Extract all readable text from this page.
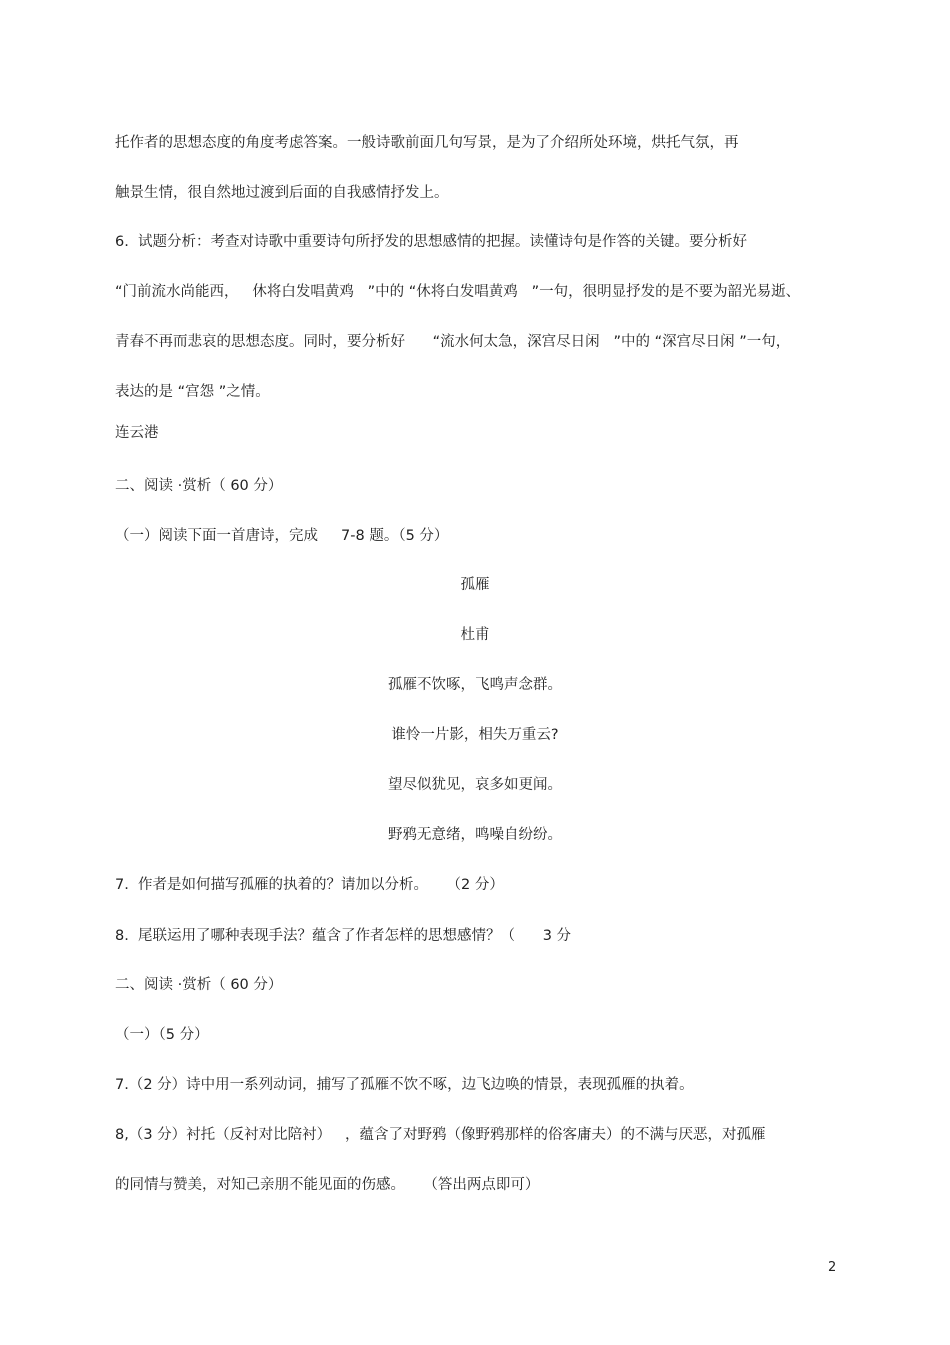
托作者的思想态度的角度考虑答案。一般诗歌前面几句写景，是为了介绍所处环境，烘托气氛，再
触景生情，很自然地过渡到后面的自我感情抒发上。
6.  试题分析：考查对诗歌中重要诗句所抒发的思想感情的把握。读懂诗句是作答的关键。要分析好
“门前流水尚能西，   休将白发唱黄鸡   ”中的 “休将白发唱黄鸡   ”一句，很明显抒发的是不要为韶光易逝、
青春不再而悲哀的思想态度。同时，要分析好      “流水何太急，深宫尽日闲   ”中的 “深宫尽日闲 ”一句，
表达的是 “宫怨 ”之情。
连云港
二、阅读 ·赏析（ 60 分）
（一）阅读下面一首唐诗，完成     7-8 题。（5 分）
孤雁
杜甫
孤雁不饮啄，飞鸣声念群。
谁怜一片影，相失万重云?
望尽似犹见，哀多如更闻。
野鸦无意绪，鸣噪自纷纷。
7.  作者是如何描写孤雁的执着的？请加以分析。    （2 分）
8.  尾联运用了哪种表现手法？蕴含了作者怎样的思想感情？（      3 分
二、阅读 ·赏析（ 60 分）
（一）（5 分）
7.（2 分）诗中用一系列动词，捕写了孤雁不饮不啄，边飞边唤的情景，表现孤雁的执着。
8,（3 分）衬托（反衬对比陪衬）   ，蕴含了对野鸦（像野鸦那样的俗客庸夫）的不满与厌恶，对孤雁
的同情与赞美，对知己亲朋不能见面的伤感。    （答出两点即可）
2
